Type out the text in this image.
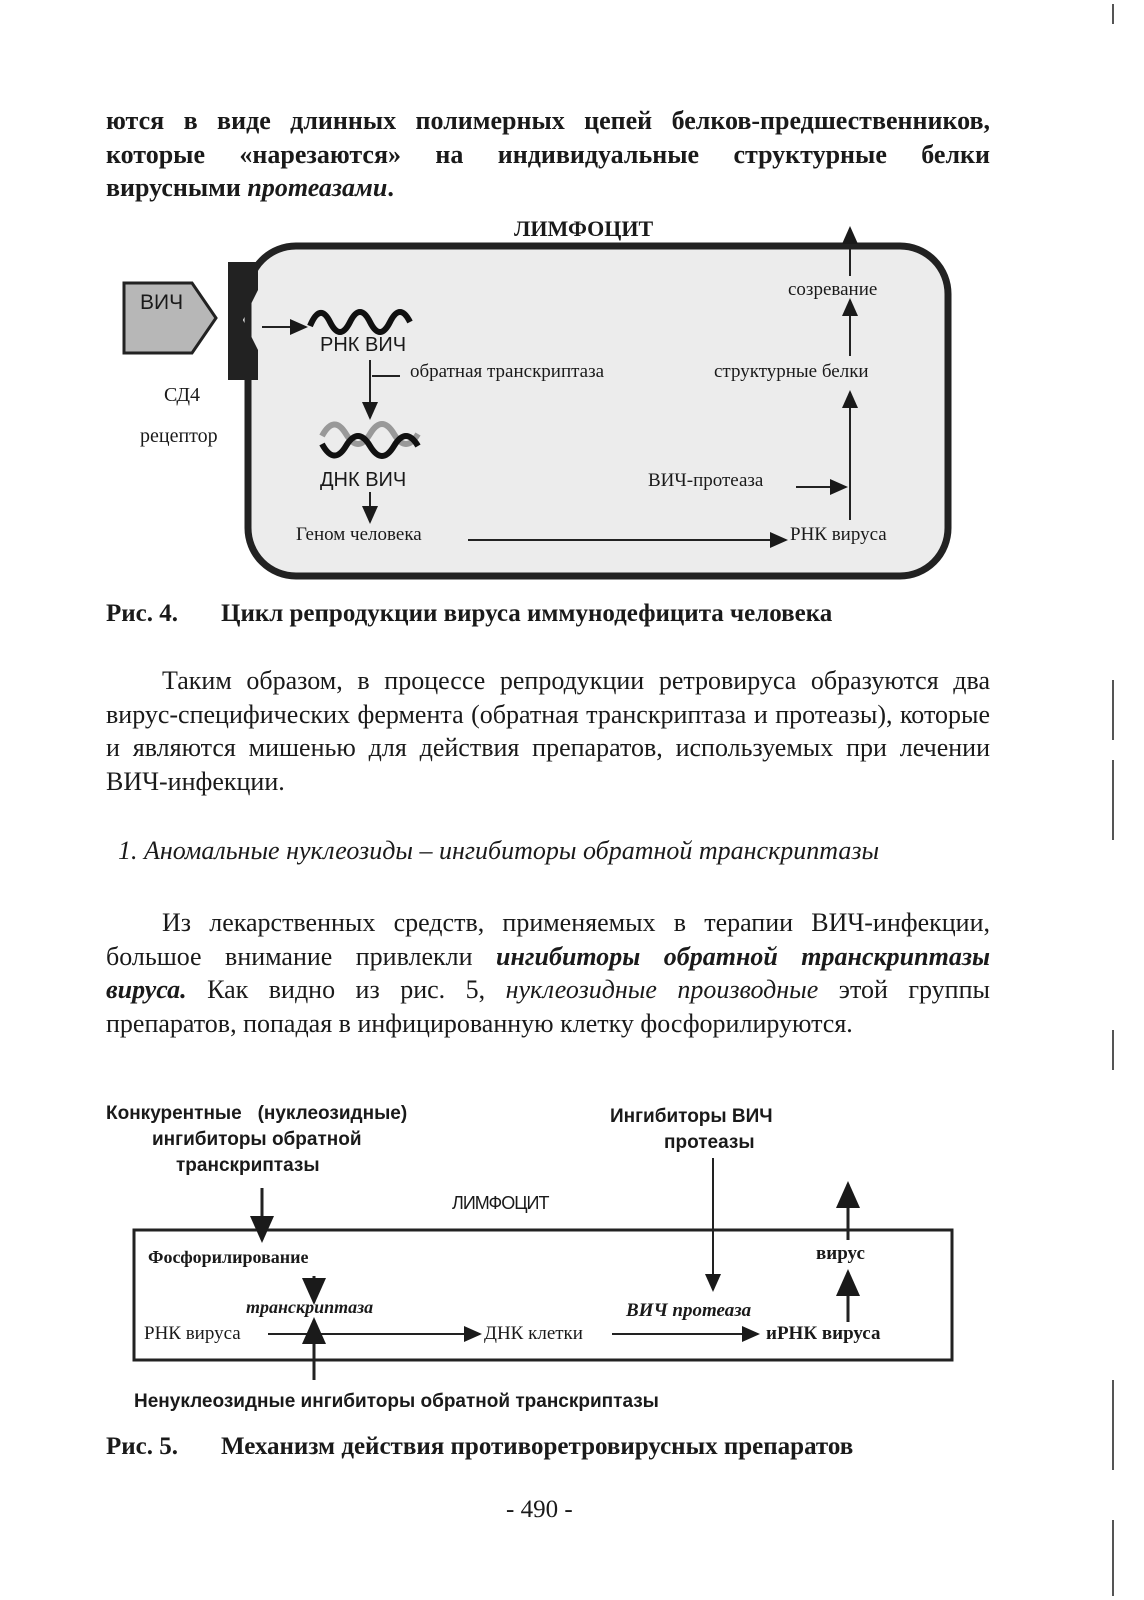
ются в виде длинных полимерных цепей белков-предшественников, которые «нарезаются» на индивидуальные структурные белки вирусными протеазами.
ЛИМФОЦИТ
ВИЧ
СД4
рецептор
РНК ВИЧ
обратная транскриптаза
ДНК ВИЧ
Геном человека
созревание
структурные белки
ВИЧ-протеаза
РНК вируса
Рис. 4. Цикл репродукции вируса иммунодефицита человека
Таким образом, в процессе репродукции ретровируса образуются два вирус-специфических фермента (обратная транскриптаза и протеазы), которые и являются мишенью для действия препаратов, используемых при лечении ВИЧ-инфекции.
1. Аномальные нуклеозиды – ингибиторы обратной транскриптазы
Из лекарственных средств, применяемых в терапии ВИЧ-инфекции, большое внимание привлекли ингибиторы обратной транскриптазы вируса. Как видно из рис. 5, нуклеозидные производные этой группы препаратов, попадая в инфицированную клетку фосфорилируются.
Конкурентные   (нуклеозидные)
ингибиторы обратной
транскриптазы
Ингибиторы ВИЧ
протеазы
ЛИМФОЦИТ
Фосфорилирование
транскриптаза
РНК вируса	ДНК клетки
ВИЧ протеаза
иРНК вируса
вирус
Ненуклеозидные ингибиторы обратной транскриптазы
Рис. 5. Механизм действия противоретровирусных препаратов
- 490 -
